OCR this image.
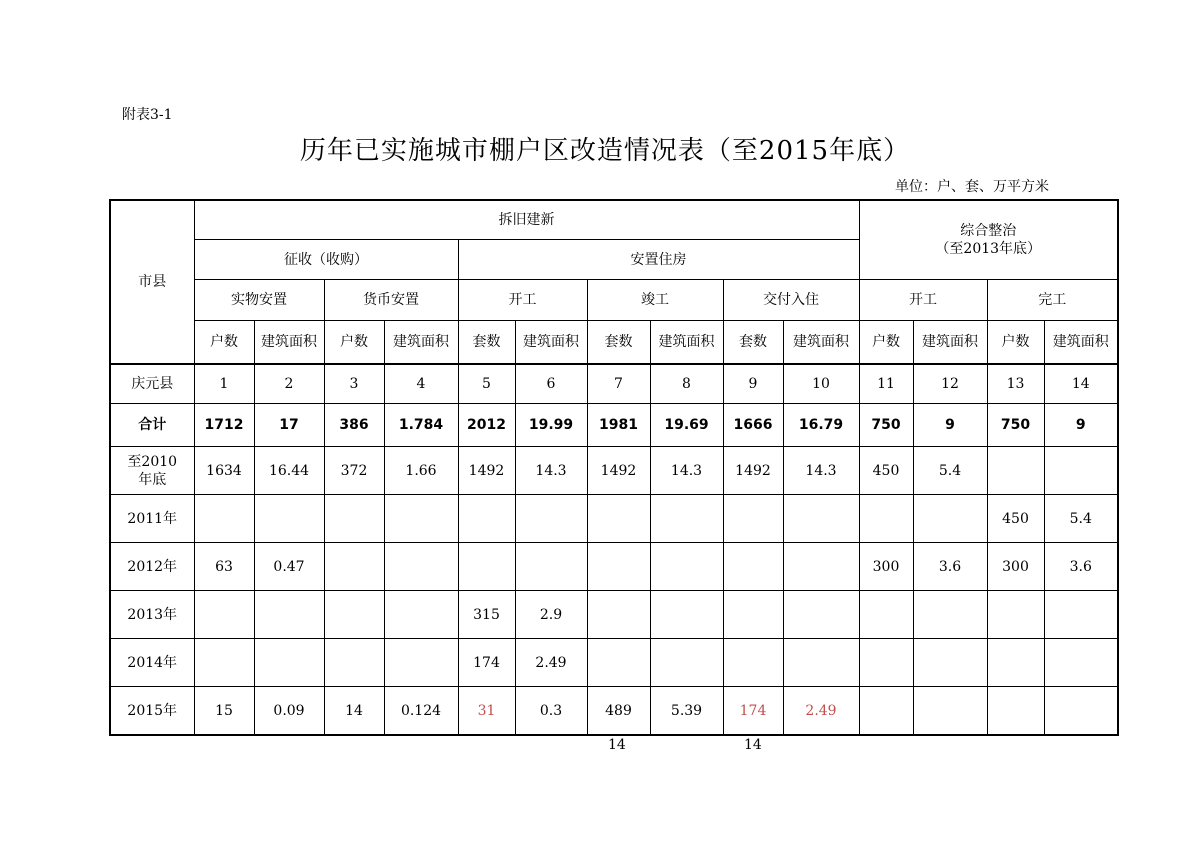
附表3-1
历年已实施城市棚户区改造情况表（至2015年底）
单位：户、套、万平方米
市县	拆旧建新										综合整治
（至2013年底）			

	征收（收购）				安置住房									
	实物安置		货币安置		开工		竣工		交付入住		开工		完工	
	户数	建筑面积	户数	建筑面积	套数	建筑面积	套数	建筑面积	套数	建筑面积	户数	建筑面积	户数	建筑面积
庆元县	1	2	3	4	5	6	7	8	9	10	11	12	13	14
合计	1712	17	386	1.784	2012	19.99	1981	19.69	1666	16.79	750	9	750	9
至2010年底	1634	16.44	372	1.66	1492	14.3	1492	14.3	1492	14.3	450	5.4		
2011年													450	5.4
2012年	63	0.47									300	3.6	300	3.6
2013年					315	2.9								
2014年					174	2.49								
2015年	15	0.09	14	0.124	31	0.3	489	5.39	174	2.49				
14	14
